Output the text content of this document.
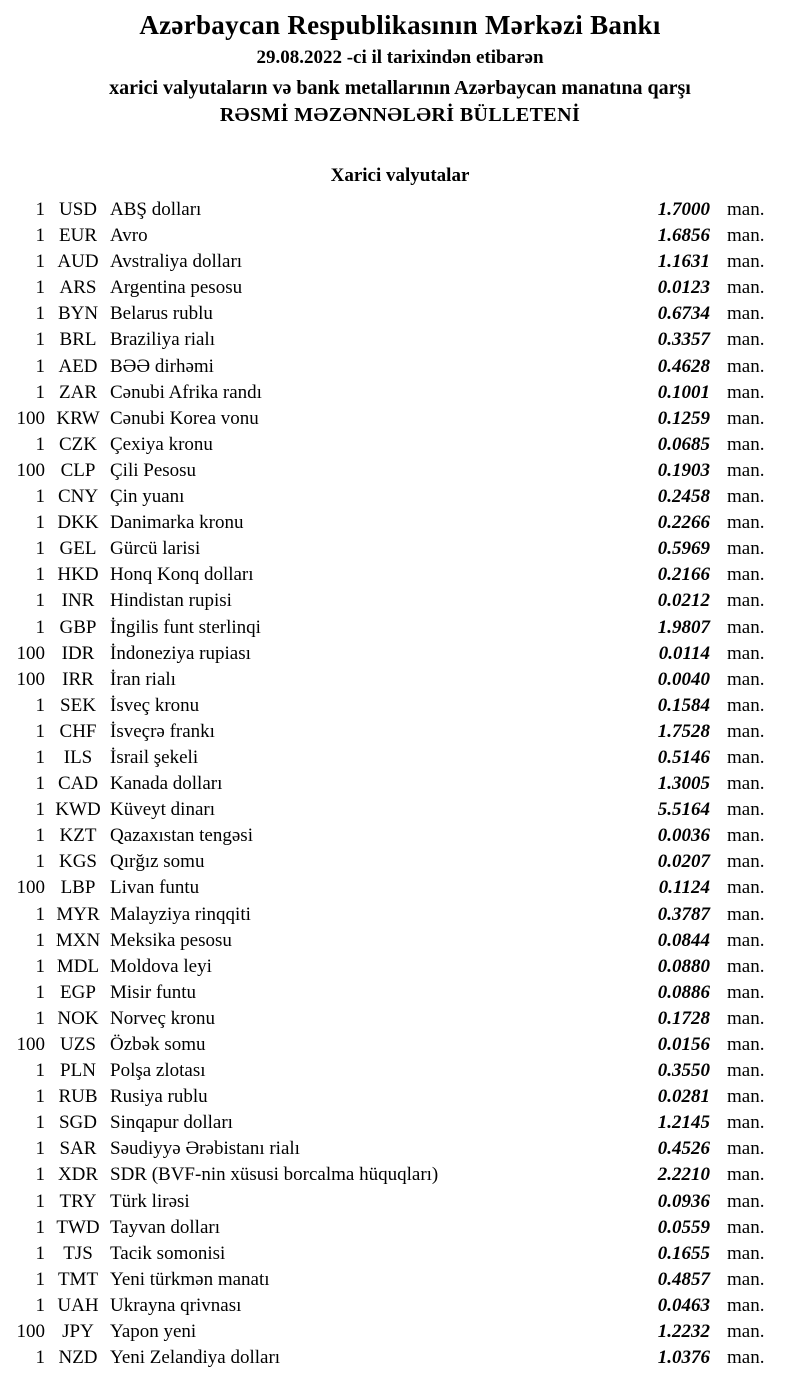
Azərbaycan Respublikasının Mərkəzi Bankı
29.08.2022 -ci il tarixindən etibarən
xarici valyutaların və bank metallarının Azərbaycan manatına qarşı
RƏSMİ MƏZƏNNƏLƏRİ BÜLLETENİ
Xarici valyutalar
1 USD ABŞ dolları	1.7000 man.
1 EUR Avro	1.6856 man.
1 AUD Avstraliya dolları	1.1631 man.
1 ARS Argentina pesosu	0.0123 man.
1 BYN Belarus rublu	0.6734 man.
1 BRL Braziliya rialı	0.3357 man.
1 AED BƏƏ dirhəmi	0.4628 man.
1 ZAR Cənubi Afrika randı	0.1001 man.
100 KRW Cənubi Korea vonu	0.1259 man.
1 CZK Çexiya kronu	0.0685 man.
100 CLP Çili Pesosu	0.1903 man.
1 CNY Çin yuanı	0.2458 man.
1 DKK Danimarka kronu	0.2266 man.
1 GEL Gürcü larisi	0.5969 man.
1 HKD Honq Konq dolları	0.2166 man.
1 INR Hindistan rupisi	0.0212 man.
1 GBP İngilis funt sterlinqi	1.9807 man.
100 IDR İndoneziya rupiası	0.0114 man.
100 IRR İran rialı	0.0040 man.
1 SEK İsveç kronu	0.1584 man.
1 CHF İsveçrə frankı	1.7528 man.
1 ILS İsrail şekeli	0.5146 man.
1 CAD Kanada dolları	1.3005 man.
1 KWD Küveyt dinarı	5.5164 man.
1 KZT Qazaxıstan tengəsi	0.0036 man.
1 KGS Qırğız somu	0.0207 man.
100 LBP Livan funtu	0.1124 man.
1 MYR Malayziya rinqqiti	0.3787 man.
1 MXN Meksika pesosu	0.0844 man.
1 MDL Moldova leyi	0.0880 man.
1 EGP Misir funtu	0.0886 man.
1 NOK Norveç kronu	0.1728 man.
100 UZS Özbək somu	0.0156 man.
1 PLN Polşa zlotası	0.3550 man.
1 RUB Rusiya rublu	0.0281 man.
1 SGD Sinqapur dolları	1.2145 man.
1 SAR Səudiyyə Ərəbistanı rialı	0.4526 man.
1 XDR SDR (BVF-nin xüsusi borcalma hüquqları)	2.2210 man.
1 TRY Türk lirəsi	0.0936 man.
1 TWD Tayvan dolları	0.0559 man.
1 TJS Tacik somonisi	0.1655 man.
1 TMT Yeni türkmən manatı	0.4857 man.
1 UAH Ukrayna qrivnası	0.0463 man.
100 JPY Yapon yeni	1.2232 man.
1 NZD Yeni Zelandiya dolları	1.0376 man.
